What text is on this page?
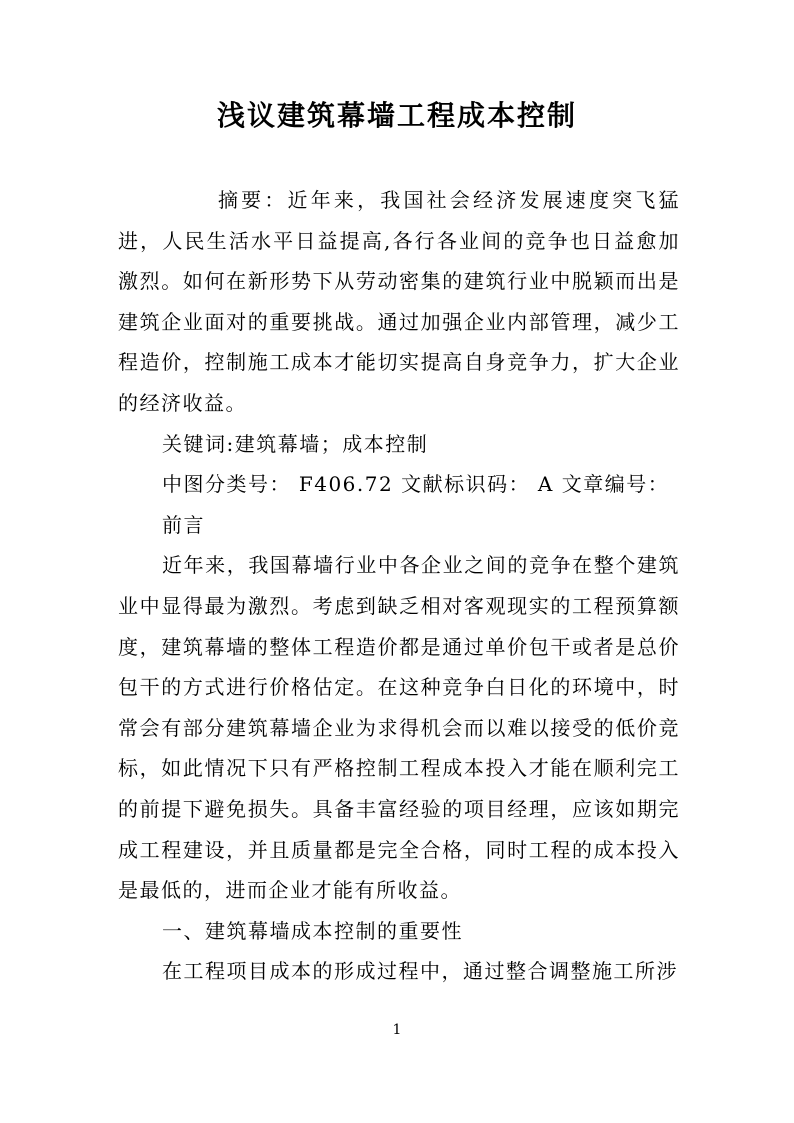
浅议建筑幕墙工程成本控制

摘要：近年来，我国社会经济发展速度突飞猛进，人民生活水平日益提高,各行各业间的竞争也日益愈加激烈。如何在新形势下从劳动密集的建筑行业中脱颖而出是建筑企业面对的重要挑战。通过加强企业内部管理，减少工程造价，控制施工成本才能切实提高自身竞争力，扩大企业的经济收益。

关键词:建筑幕墙；成本控制

中图分类号： F406.72 文献标识码： A 文章编号：

前言

近年来，我国幕墙行业中各企业之间的竞争在整个建筑业中显得最为激烈。考虑到缺乏相对客观现实的工程预算额度，建筑幕墙的整体工程造价都是通过单价包干或者是总价包干的方式进行价格估定。在这种竞争白日化的环境中，时常会有部分建筑幕墙企业为求得机会而以难以接受的低价竞标，如此情况下只有严格控制工程成本投入才能在顺利完工的前提下避免损失。具备丰富经验的项目经理，应该如期完成工程建设，并且质量都是完全合格，同时工程的成本投入是最低的，进而企业才能有所收益。

一、建筑幕墙成本控制的重要性

在工程项目成本的形成过程中，通过整合调整施工所涉

1
